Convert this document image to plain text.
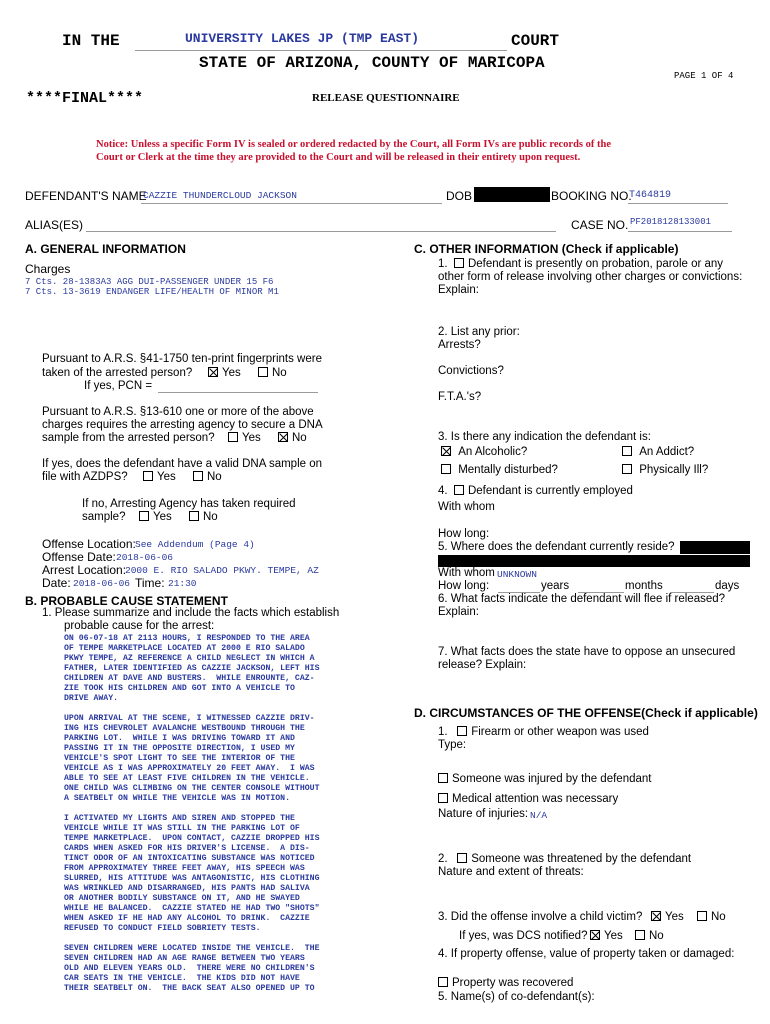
IN THE	UNIVERSITY LAKES JP (TMP EAST)	COURT
STATE OF ARIZONA, COUNTY OF MARICOPA
PAGE 1 OF 4
****FINAL****	RELEASE QUESTIONNAIRE
Notice: Unless a specific Form IV is sealed or ordered redacted by the Court, all Form IVs are public records of the
Court or Clerk at the time they are provided to the Court and will be released in their entirety upon request.
DEFENDANT'S NAME
CAZZIE THUNDERCLOUD JACKSON	DOB	BOOKING NO.
T464819
ALIAS(ES)	CASE NO. PF2018128133001
A. GENERAL INFORMATION
Charges
7 Cts. 28-1383A3 AGG DUI-PASSENGER UNDER 15 F6
7 Cts. 13-3619 ENDANGER LIFE/HEALTH OF MINOR M1
Pursuant to A.R.S. §41-1750 ten-print fingerprints were
taken of the arrested person?	Yes	No
If yes, PCN =
Pursuant to A.R.S. §13-610 one or more of the above
charges requires the arresting agency to secure a DNA
sample from the arrested person?	Yes	No
If yes, does the defendant have a valid DNA sample on
file with AZDPS?	Yes	No
If no, Arresting Agency has taken required
sample?	Yes	No
Offense Location: See Addendum (Page 4)
Offense Date: 2018-06-06
Arrest Location:
2000 E. RIO SALADO PKWY. TEMPE, AZ
Date: 2018-06-06 Time: 21:30
B. PROBABLE CAUSE STATEMENT
1. Please summarize and include the facts which establish
probable cause for the arrest:
ON 06-07-18 AT 2113 HOURS, I RESPONDED TO THE AREA
OF TEMPE MARKETPLACE LOCATED AT 2000 E RIO SALADO
PKWY TEMPE, AZ REFERENCE A CHILD NEGLECT IN WHICH A
FATHER, LATER IDENTIFIED AS CAZZIE JACKSON, LEFT HIS
CHILDREN AT DAVE AND BUSTERS.  WHILE ENROUNTE, CAZ-
ZIE TOOK HIS CHILDREN AND GOT INTO A VEHICLE TO
DRIVE AWAY.
UPON ARRIVAL AT THE SCENE, I WITNESSED CAZZIE DRIV-
ING HIS CHEVROLET AVALANCHE WESTBOUND THROUGH THE
PARKING LOT.  WHILE I WAS DRIVING TOWARD IT AND
PASSING IT IN THE OPPOSITE DIRECTION, I USED MY
VEHICLE'S SPOT LIGHT TO SEE THE INTERIOR OF THE
VEHICLE AS I WAS APPROXIMATELY 20 FEET AWAY.  I WAS
ABLE TO SEE AT LEAST FIVE CHILDREN IN THE VEHICLE.
ONE CHILD WAS CLIMBING ON THE CENTER CONSOLE WITHOUT
A SEATBELT ON WHILE THE VEHICLE WAS IN MOTION.
I ACTIVATED MY LIGHTS AND SIREN AND STOPPED THE
VEHICLE WHILE IT WAS STILL IN THE PARKING LOT OF
TEMPE MARKETPLACE.  UPON CONTACT, CAZZIE DROPPED HIS
CARDS WHEN ASKED FOR HIS DRIVER'S LICENSE.  A DIS-
TINCT ODOR OF AN INTOXICATING SUBSTANCE WAS NOTICED
FROM APPROXIMATEY THREE FEET AWAY, HIS SPEECH WAS
SLURRED, HIS ATTITUDE WAS ANTAGONISTIC, HIS CLOTHING
WAS WRINKLED AND DISARRANGED, HIS PANTS HAD SALIVA
OR ANOTHER BODILY SUBSTANCE ON IT, AND HE SWAYED
WHILE HE BALANCED.  CAZZIE STATED HE HAD TWO "SHOTS"
WHEN ASKED IF HE HAD ANY ALCOHOL TO DRINK.  CAZZIE
REFUSED TO CONDUCT FIELD SOBRIETY TESTS.
SEVEN CHILDREN WERE LOCATED INSIDE THE VEHICLE.  THE
SEVEN CHILDREN HAD AN AGE RANGE BETWEEN TWO YEARS
OLD AND ELEVEN YEARS OLD.  THERE WERE NO CHILDREN'S
CAR SEATS IN THE VEHICLE.  THE KIDS DID NOT HAVE
THEIR SEATBELT ON.  THE BACK SEAT ALSO OPENED UP TO
C. OTHER INFORMATION (Check if applicable)
1.  Defendant is presently on probation, parole or any
other form of release involving other charges or convictions:
Explain:
2. List any prior:
Arrests?
Convictions?
F.T.A.'s?
3. Is there any indication the defendant is:
An Alcoholic?	An Addict?
Mentally disturbed?	Physically Ill?
4.  Defendant is currently employed
With whom
How long:
5. Where does the defendant currently reside?
With whom UNKNOWN
How long:	years	months	days
6. What facts indicate the defendant will flee if released?
Explain:
7. What facts does the state have to oppose an unsecured
release? Explain:
D. CIRCUMSTANCES OF THE OFFENSE(Check if applicable)
1.   Firearm or other weapon was used
Type:
Someone was injured by the defendant
Medical attention was necessary
Nature of injuries: N/A
2.   Someone was threatened by the defendant
Nature and extent of threats:
3. Did the offense involve a child victim?	Yes	No
If yes, was DCS notified?	Yes	No
4. If property offense, value of property taken or damaged:
Property was recovered
5. Name(s) of co-defendant(s):
